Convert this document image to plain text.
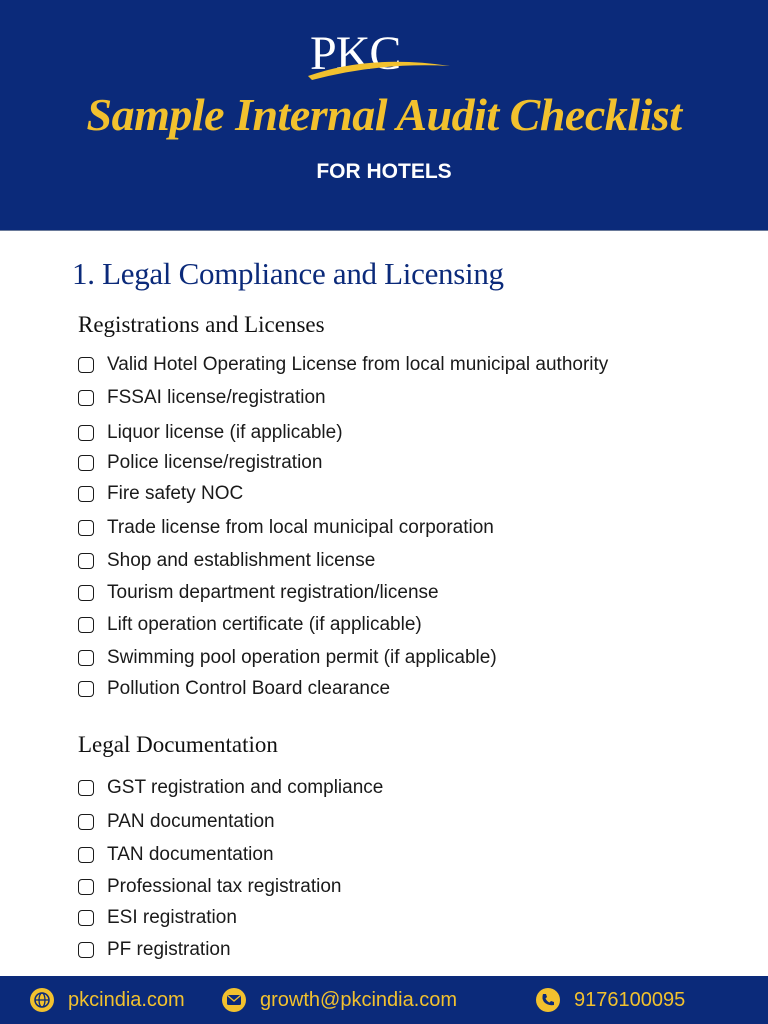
PKC
Sample Internal Audit Checklist
FOR HOTELS
1. Legal Compliance and Licensing
Registrations and Licenses
Valid Hotel Operating License from local municipal authority
FSSAI license/registration
Liquor license (if applicable)
Police license/registration
Fire safety NOC
Trade license from local municipal corporation
Shop and establishment license
Tourism department registration/license
Lift operation certificate (if applicable)
Swimming pool operation permit (if applicable)
Pollution Control Board clearance
Legal Documentation
GST registration and compliance
PAN documentation
TAN documentation
Professional tax registration
ESI registration
PF registration
pkcindia.com	growth@pkcindia.com	9176100095
